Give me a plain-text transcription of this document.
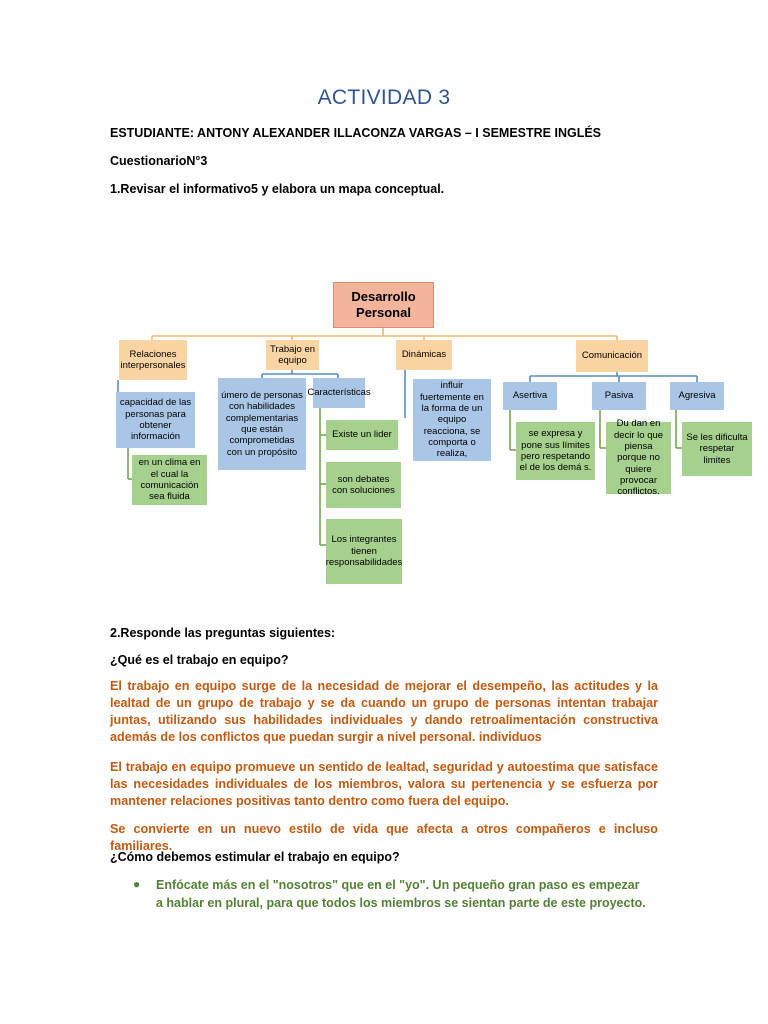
ACTIVIDAD 3
ESTUDIANTE: ANTONY ALEXANDER ILLACONZA VARGAS – I SEMESTRE INGLÉS
CuestionarioN°3
1.Revisar el informativo5 y elabora un mapa conceptual.
Desarrollo Personal
Relaciones interpersonales
Trabajo en equipo
Dinámicas	Comunicación
capacidad de las personas para obtener información
en un clima en el cual la comunicación sea fluida
úmero de personas con habilidades complementarias que están comprometidas con un propósito
Características
Existe un lider
son debates con soluciones
Los integrantes tienen responsabilidades
influir fuertemente en la forma de un equipo reacciona, se comporta o realiza,
Asertiva	Pasiva	Agresiva
se expresa y pone sus límites pero respetando el de los demá s.
Du dan en decir lo que piensa porque no quiere provocar conflictos.
Se les dificulta respetar limites
2.Responde las preguntas siguientes:
¿Qué es el trabajo en equipo?
El trabajo en equipo surge de la necesidad de mejorar el desempeño, las actitudes y la lealtad de un grupo de trabajo y se da cuando un grupo de personas intentan trabajar juntas, utilizando sus habilidades individuales y dando retroalimentación constructiva además de los conflictos que puedan surgir a nivel personal. individuos
El trabajo en equipo promueve un sentido de lealtad, seguridad y autoestima que satisface las necesidades individuales de los miembros, valora su pertenencia y se esfuerza por mantener relaciones positivas tanto dentro como fuera del equipo.
Se convierte en un nuevo estilo de vida que afecta a otros compañeros e incluso familiares.
¿Cómo debemos estimular el trabajo en equipo?
● Enfócate más en el "nosotros" que en el "yo". Un pequeño gran paso es empezar a hablar en plural, para que todos los miembros se sientan parte de este proyecto.
